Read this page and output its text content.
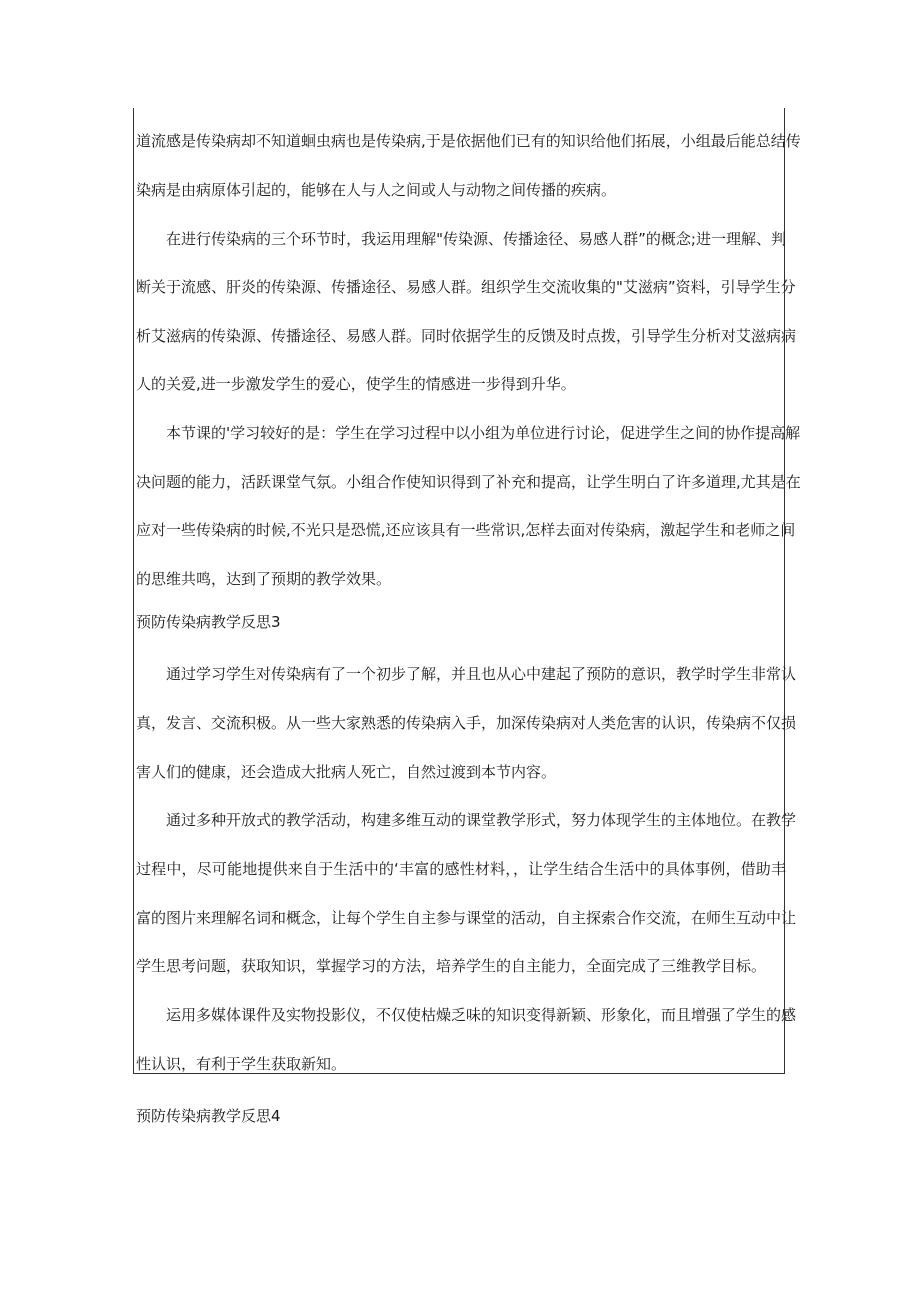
道流感是传染病却不知道蛔虫病也是传染病,于是依据他们已有的知识给他们拓展，小组最后能总结传
染病是由病原体引起的，能够在人与人之间或人与动物之间传播的疾病。
在进行传染病的三个环节时，我运用理解"传染源、传播途径、易感人群”的概念;进一理解、判
断关于流感、肝炎的传染源、传播途径、易感人群。组织学生交流收集的"艾滋病”资料，引导学生分
析艾滋病的传染源、传播途径、易感人群。同时依据学生的反馈及时点拨，引导学生分析对艾滋病病
人的关爱,进一步激发学生的爱心，使学生的情感进一步得到升华。
本节课的'学习较好的是：学生在学习过程中以小组为单位进行讨论，促进学生之间的协作提高解
决问题的能力，活跃课堂气氛。小组合作使知识得到了补充和提高，让学生明白了许多道理,尤其是在
应对一些传染病的时候,不光只是恐慌,还应该具有一些常识,怎样去面对传染病，激起学生和老师之间
的思维共鸣，达到了预期的教学效果。
预防传染病教学反思3
通过学习学生对传染病有了一个初步了解，并且也从心中建起了预防的意识，教学时学生非常认
真，发言、交流积极。从一些大家熟悉的传染病入手，加深传染病对人类危害的认识，传染病不仅损
害人们的健康，还会造成大批病人死亡，自然过渡到本节内容。
通过多种开放式的教学活动，构建多维互动的课堂教学形式，努力体现学生的主体地位。在教学
过程中，尽可能地提供来自于生活中的‘丰富的感性材料，，让学生结合生活中的具体事例，借助丰
富的图片来理解名词和概念，让每个学生自主参与课堂的活动，自主探索合作交流，在师生互动中让
学生思考问题，获取知识，掌握学习的方法，培养学生的自主能力，全面完成了三维教学目标。
运用多媒体课件及实物投影仪，不仅使枯燥乏味的知识变得新颖、形象化，而且增强了学生的感
性认识，有利于学生获取新知。
预防传染病教学反思4
